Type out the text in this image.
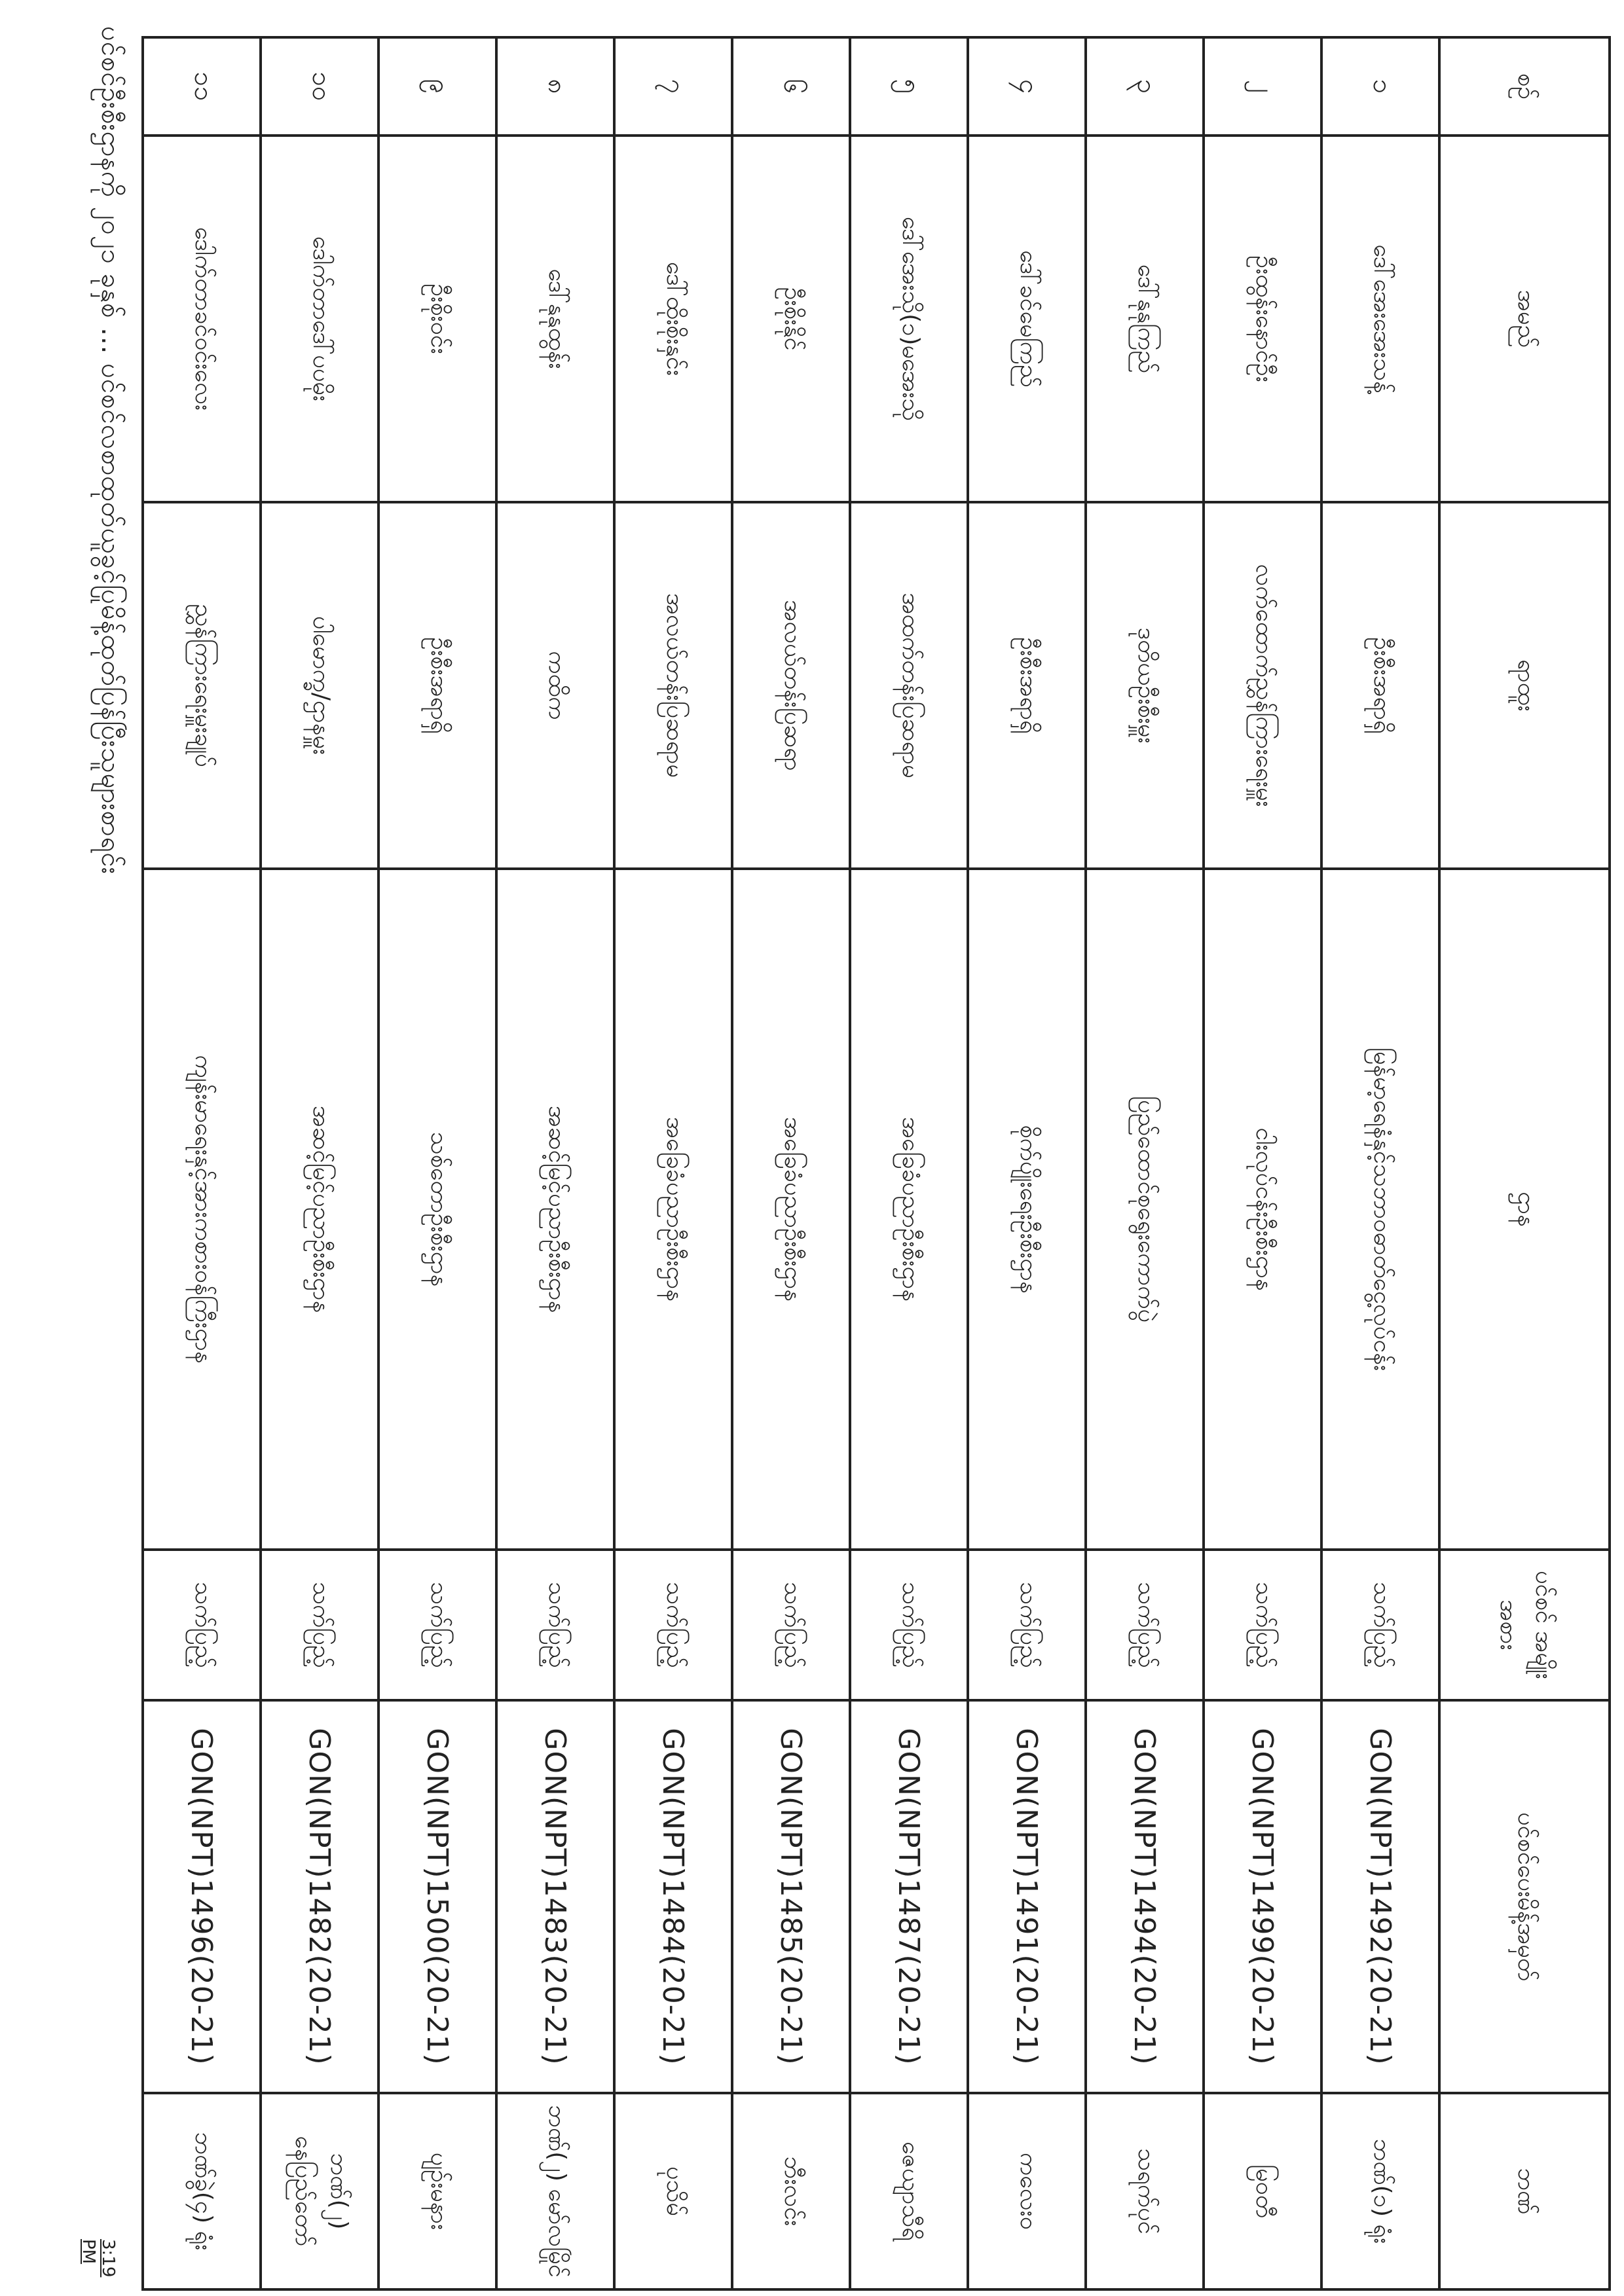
စဉ်	အမည်	ရာထူး	ဌာန	ပင်စင် အမျိုးအစား	ပင်စင်ပေးမိန့်အမှတ်	ဘဏ်
၁	ဒေါ်အေးအေးသန့်	ဦးစီးအရာရှိ	မြန်မာ့ရေနံနှင့်သဘာဝဓာတ်ငွေ့လုပ်ငန်း	သက်ပြည့်	GON(NPT)1492(20-21)	ဘဏ်(၁) ရုံး
၂	ဦးထွန်းနောင်ဦး	လက်ထောက်ညွှန်ကြားရေးမှူး	ငါးလုပ်ငန်းဦးစီးဌာန	သက်ပြည့်	GON(NPT)1499(20-21)	မြဝတီ
၃	ဒေါ်နုနုကြည်	ဒုတိယဦးစီးမှူး	ပြည်ထောင်စုရွေးကောက်ပွဲ	သက်ပြည့်	GON(NPT)1494(20-21)	သရက်ပုင်
၄	ဒေါ်ခင်မေကြည်	ဦးစီးအရာရှိ	စိုက်ပျိုးရေးဦးစီးဌာန	သက်ပြည့်	GON(NPT)1491(20-21)	ကလေးဝ
၅	ဒေါ်အေးသို(၁)မအေးသို	အထက်တန်းပြဆရာမ	အခြေခံပညာဦးစီးဌာန	သက်ပြည့်	GON(NPT)1487(20-21)	ဇေယျာသီရိ
၆	ဦးစိုးနိုင်	အလယ်တန်းပြဆရာ	အခြေခံပညာဦးစီးဌာန	သက်ပြည့်	GON(NPT)1485(20-21)	ဘီးလင်း
၇	ဒေါ်ထိုးစိုးနှင်း	အလယ်တန်းပြဆရာမ	အခြေခံပညာဦးစီးဌာန	သက်ပြည့်	GON(NPT)1484(20-21)	ပုသိမ်
၈	ဒေါ်နုနုထွန်း	ကထိက	အဆင့်မြင့်ပညာဦးစီးဌာန	သက်ပြည့်	GON(NPT)1483(20-21)	ဘဏ်(၂) မော်လမြိုင်
၉	ဦးစိုးဝင်း	ဦးစီးအရာရှိ	သစ်တောဦးစီးဌာန	သက်ပြည့်	GON(NPT)1500(20-21)	ပျဉ်းမနား
၁၀	ဒေါက်တာဒေါ်ပပမိုး	ပါမောက္ခ/ဌာနမှူး	အဆင့်မြင့်ပညာဦးစီးဌာန	သက်ပြည့်	GON(NPT)1482(20-21)	ဘဏ်(၂) နေပြည်တော်
၁၁	ဒေါက်တာခင်ဝင်းလေး	ညွှန်ကြားရေးမှူးချုပ်	ကျန်းမာရေးနှင့်အားကစားဝန်ကြီးဌာန	သက်ပြည့်	GON(NPT)1496(20-21)	ဘဏ်ခွဲ(၄) ရုံး
ပင်စင်ဦးစီးဌာနကို ၂၀၂၁ ခုနှစ် ... ပင်စင်လစာထုတ်ယူခွင့်ပြုမိန့်ထုတ်ပြန်ပြီးသူများစာရင်း
3:19 PM
